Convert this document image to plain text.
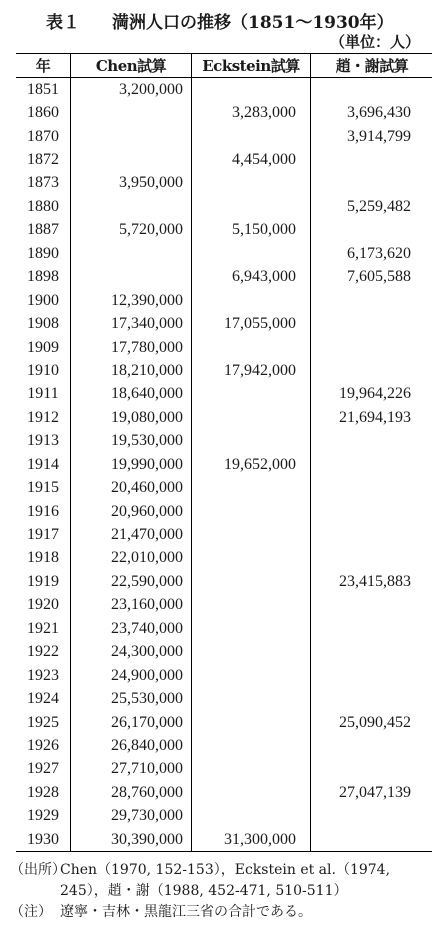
表１ 満洲人口の推移（1851～1930年）
（単位：人）
年	Chen試算	Eckstein試算	趙・謝試算
1851	3,200,000		
1860		3,283,000	3,696,430
1870			3,914,799
1872		4,454,000	
1873	3,950,000		
1880			5,259,482
1887	5,720,000	5,150,000	
1890			6,173,620
1898		6,943,000	7,605,588
1900	12,390,000		
1908	17,340,000	17,055,000	
1909	17,780,000		
1910	18,210,000	17,942,000	
1911	18,640,000		19,964,226
1912	19,080,000		21,694,193
1913	19,530,000		
1914	19,990,000	19,652,000	
1915	20,460,000		
1916	20,960,000		
1917	21,470,000		
1918	22,010,000		
1919	22,590,000		23,415,883
1920	23,160,000		
1921	23,740,000		
1922	24,300,000		
1923	24,900,000		
1924	25,530,000		
1925	26,170,000		25,090,452
1926	26,840,000		
1927	27,710,000		
1928	28,760,000		27,047,139
1929	29,730,000		
1930	30,390,000	31,300,000	
（出所）Chen（1970, 152-153），Eckstein et al.（1974,
245），趙・謝（1988, 452-471, 510-511）
（注） 遼寧・吉林・黒龍江三省の合計である。
